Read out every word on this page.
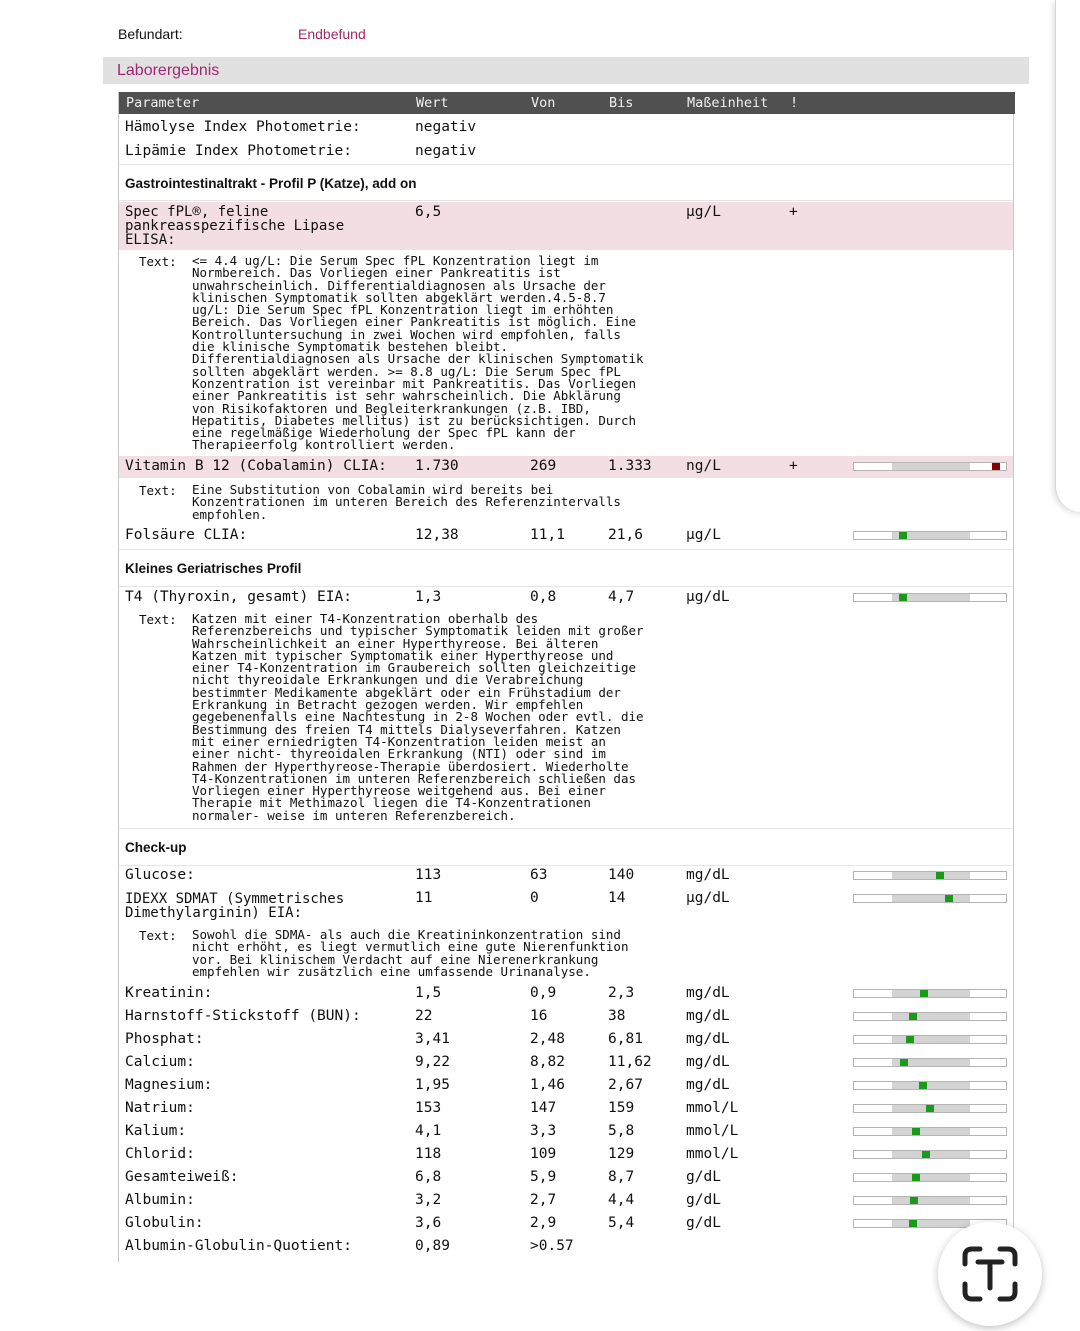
Befundart:	Endbefund
Laborergebnis
Parameter	Wert	Von	Bis	Maßeinheit !
Hämolyse Index Photometrie:	negativ
Lipämie Index Photometrie:	negativ
Gastrointestinaltrakt - Profil P (Katze), add on
Spec fPL®, feline
pankreasspezifische Lipase
ELISA:
6,5	µg/L	+
Text: <= 4.4 ug/L: Die Serum Spec fPL Konzentration liegt im
Normbereich. Das Vorliegen einer Pankreatitis ist
unwahrscheinlich. Differentialdiagnosen als Ursache der
klinischen Symptomatik sollten abgeklärt werden.4.5-8.7
ug/L: Die Serum Spec fPL Konzentration liegt im erhöhten
Bereich. Das Vorliegen einer Pankreatitis ist möglich. Eine
Kontrolluntersuchung in zwei Wochen wird empfohlen, falls
die klinische Symptomatik bestehen bleibt.
Differentialdiagnosen als Ursache der klinischen Symptomatik
sollten abgeklärt werden. >= 8.8 ug/L: Die Serum Spec fPL
Konzentration ist vereinbar mit Pankreatitis. Das Vorliegen
einer Pankreatitis ist sehr wahrscheinlich. Die Abklärung
von Risikofaktoren und Begleiterkrankungen (z.B. IBD,
Hepatitis, Diabetes mellitus) ist zu berücksichtigen. Durch
eine regelmäßige Wiederholung der Spec fPL kann der
Therapieerfolg kontrolliert werden.
Vitamin B 12 (Cobalamin) CLIA: 1.730	269	1.333 ng/L	+
Text: Eine Substitution von Cobalamin wird bereits bei
Konzentrationen im unteren Bereich des Referenzintervalls
empfohlen.
Folsäure CLIA:	12,38	11,1	21,6	µg/L
Kleines Geriatrisches Profil
T4 (Thyroxin, gesamt) EIA:	1,3	0,8	4,7	µg/dL
Text: Katzen mit einer T4-Konzentration oberhalb des
Referenzbereichs und typischer Symptomatik leiden mit großer
Wahrscheinlichkeit an einer Hyperthyreose. Bei älteren
Katzen mit typischer Symptomatik einer Hyperthyreose und
einer T4-Konzentration im Graubereich sollten gleichzeitige
nicht thyreoidale Erkrankungen und die Verabreichung
bestimmter Medikamente abgeklärt oder ein Frühstadium der
Erkrankung in Betracht gezogen werden. Wir empfehlen
gegebenenfalls eine Nachtestung in 2-8 Wochen oder evtl. die
Bestimmung des freien T4 mittels Dialyseverfahren. Katzen
mit einer erniedrigten T4-Konzentration leiden meist an
einer nicht- thyreoidalen Erkrankung (NTI) oder sind im
Rahmen der Hyperthyreose-Therapie überdosiert. Wiederholte
T4-Konzentrationen im unteren Referenzbereich schließen das
Vorliegen einer Hyperthyreose weitgehend aus. Bei einer
Therapie mit Methimazol liegen die T4-Konzentrationen
normaler- weise im unteren Referenzbereich.
Check-up
Glucose:	113	63	140	mg/dL
IDEXX SDMAT (Symmetrisches
Dimethylarginin) EIA:
11	0	14	µg/dL
Text: Sowohl die SDMA- als auch die Kreatininkonzentration sind
nicht erhöht, es liegt vermutlich eine gute Nierenfunktion
vor. Bei klinischem Verdacht auf eine Nierenerkrankung
empfehlen wir zusätzlich eine umfassende Urinanalyse.
Kreatinin:	1,5	0,9	2,3	mg/dL
Harnstoff-Stickstoff (BUN):	22	16	38	mg/dL
Phosphat:	3,41	2,48	6,81	mg/dL
Calcium:	9,22	8,82	11,62 mg/dL
Magnesium:	1,95	1,46	2,67	mg/dL
Natrium:	153	147	159	mmol/L
Kalium:	4,1	3,3	5,8	mmol/L
Chlorid:	118	109	129	mmol/L
Gesamteiweiß:	6,8	5,9	8,7	g/dL
Albumin:	3,2	2,7	4,4	g/dL
Globulin:	3,6	2,9	5,4	g/dL
Albumin-Globulin-Quotient:	0,89	>0.57
